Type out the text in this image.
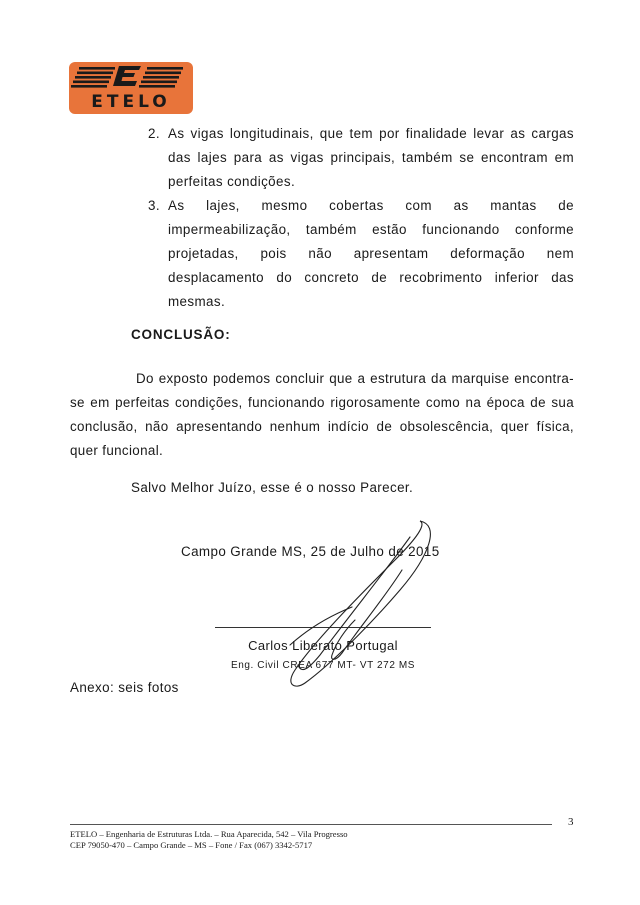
ETELO
2. As vigas longitudinais, que tem por finalidade levar as cargas das lajes para as vigas principais, também se encontram em perfeitas condições.
3. As lajes, mesmo cobertas com as mantas de impermeabilização, também estão funcionando conforme projetadas, pois não apresentam deformação nem desplacamento do concreto de recobrimento inferior das mesmas.
CONCLUSÃO:

Do exposto podemos concluir que a estrutura da marquise encontra-se em perfeitas condições, funcionando rigorosamente como na época de sua conclusão, não apresentando nenhum indício de obsolescência, quer física, quer funcional.

Salvo Melhor Juízo, esse é o nosso Parecer.
Campo Grande MS, 25 de Julho de 2015
Carlos Liberato Portugal
Eng. Civil CREA 677 MT- VT 272 MS
Anexo: seis fotos
3
ETELO – Engenharia de Estruturas Ltda. – Rua Aparecida, 542 – Vila Progresso
CEP 79050-470 – Campo Grande – MS – Fone / Fax (067) 3342-5717
